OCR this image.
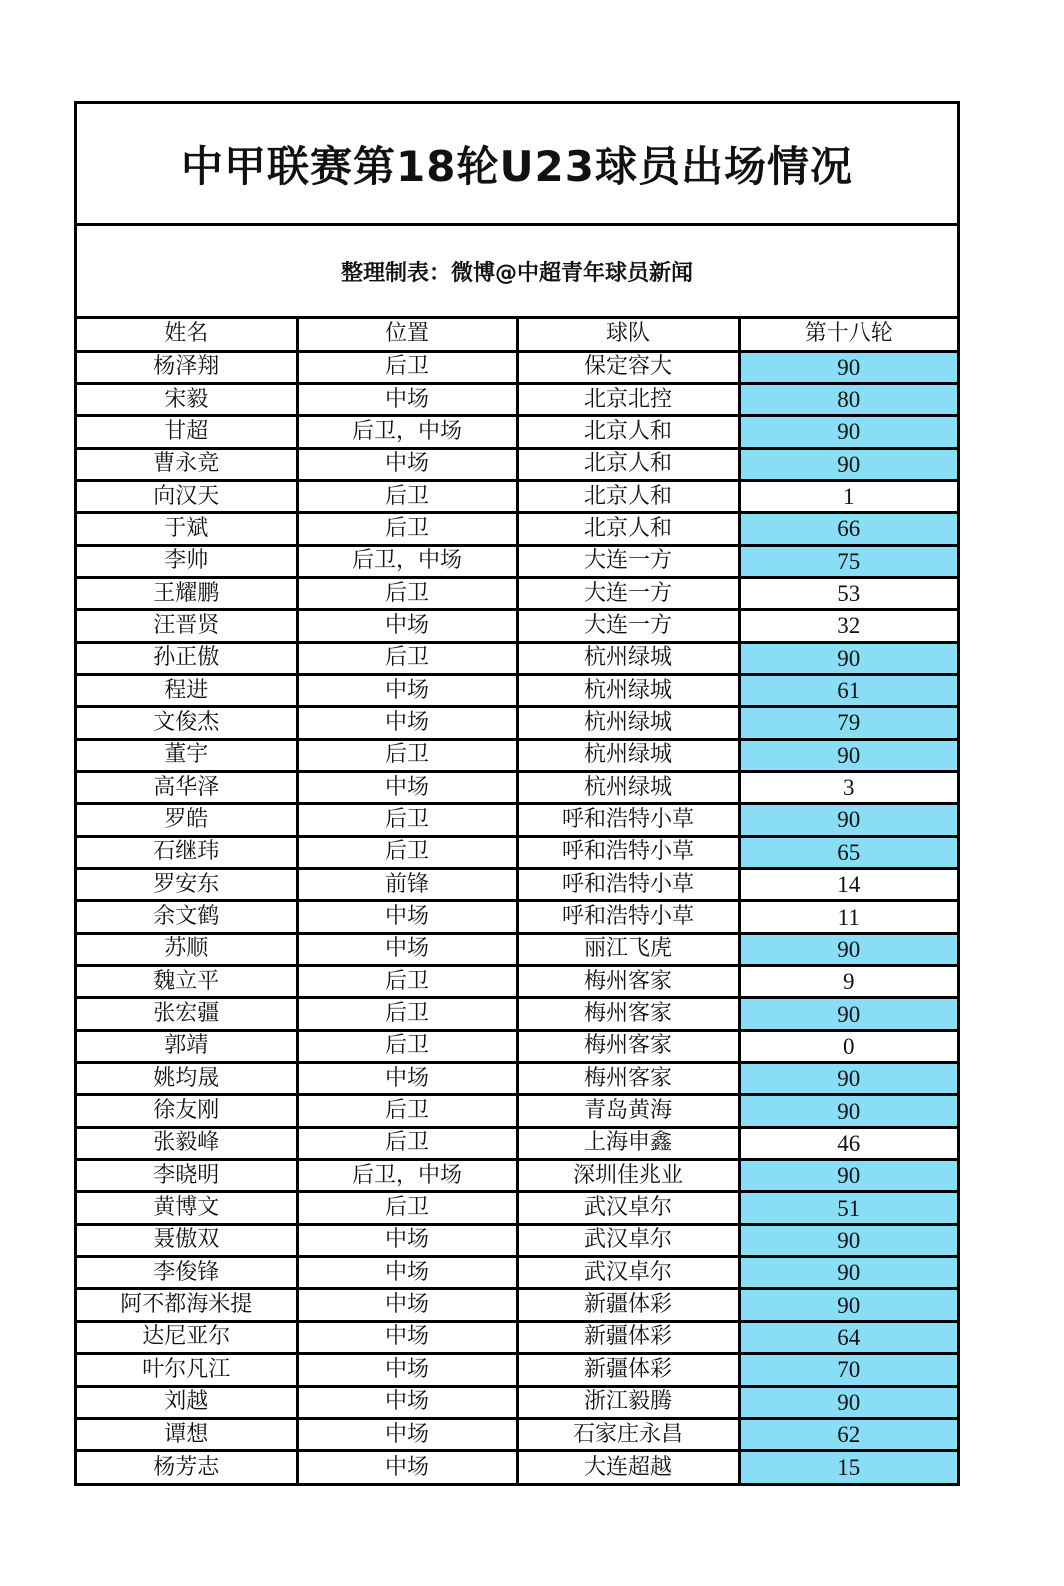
中甲联赛第18轮U23球员出场情况
整理制表：微博@中超青年球员新闻
姓名	位置	球队	第十八轮
杨泽翔	后卫	保定容大	90
宋毅	中场	北京北控	80
甘超	后卫，中场	北京人和	90
曹永竞	中场	北京人和	90
向汉天	后卫	北京人和	1
于斌	后卫	北京人和	66
李帅	后卫，中场	大连一方	75
王耀鹏	后卫	大连一方	53
汪晋贤	中场	大连一方	32
孙正傲	后卫	杭州绿城	90
程进	中场	杭州绿城	61
文俊杰	中场	杭州绿城	79
董宇	后卫	杭州绿城	90
高华泽	中场	杭州绿城	3
罗皓	后卫	呼和浩特小草	90
石继玮	后卫	呼和浩特小草	65
罗安东	前锋	呼和浩特小草	14
余文鹤	中场	呼和浩特小草	11
苏顺	中场	丽江飞虎	90
魏立平	后卫	梅州客家	9
张宏疆	后卫	梅州客家	90
郭靖	后卫	梅州客家	0
姚均晟	中场	梅州客家	90
徐友刚	后卫	青岛黄海	90
张毅峰	后卫	上海申鑫	46
李晓明	后卫，中场	深圳佳兆业	90
黄博文	后卫	武汉卓尔	51
聂傲双	中场	武汉卓尔	90
李俊锋	中场	武汉卓尔	90
阿不都海米提	中场	新疆体彩	90
达尼亚尔	中场	新疆体彩	64
叶尔凡江	中场	新疆体彩	70
刘越	中场	浙江毅腾	90
谭想	中场	石家庄永昌	62
杨芳志	中场	大连超越	15
